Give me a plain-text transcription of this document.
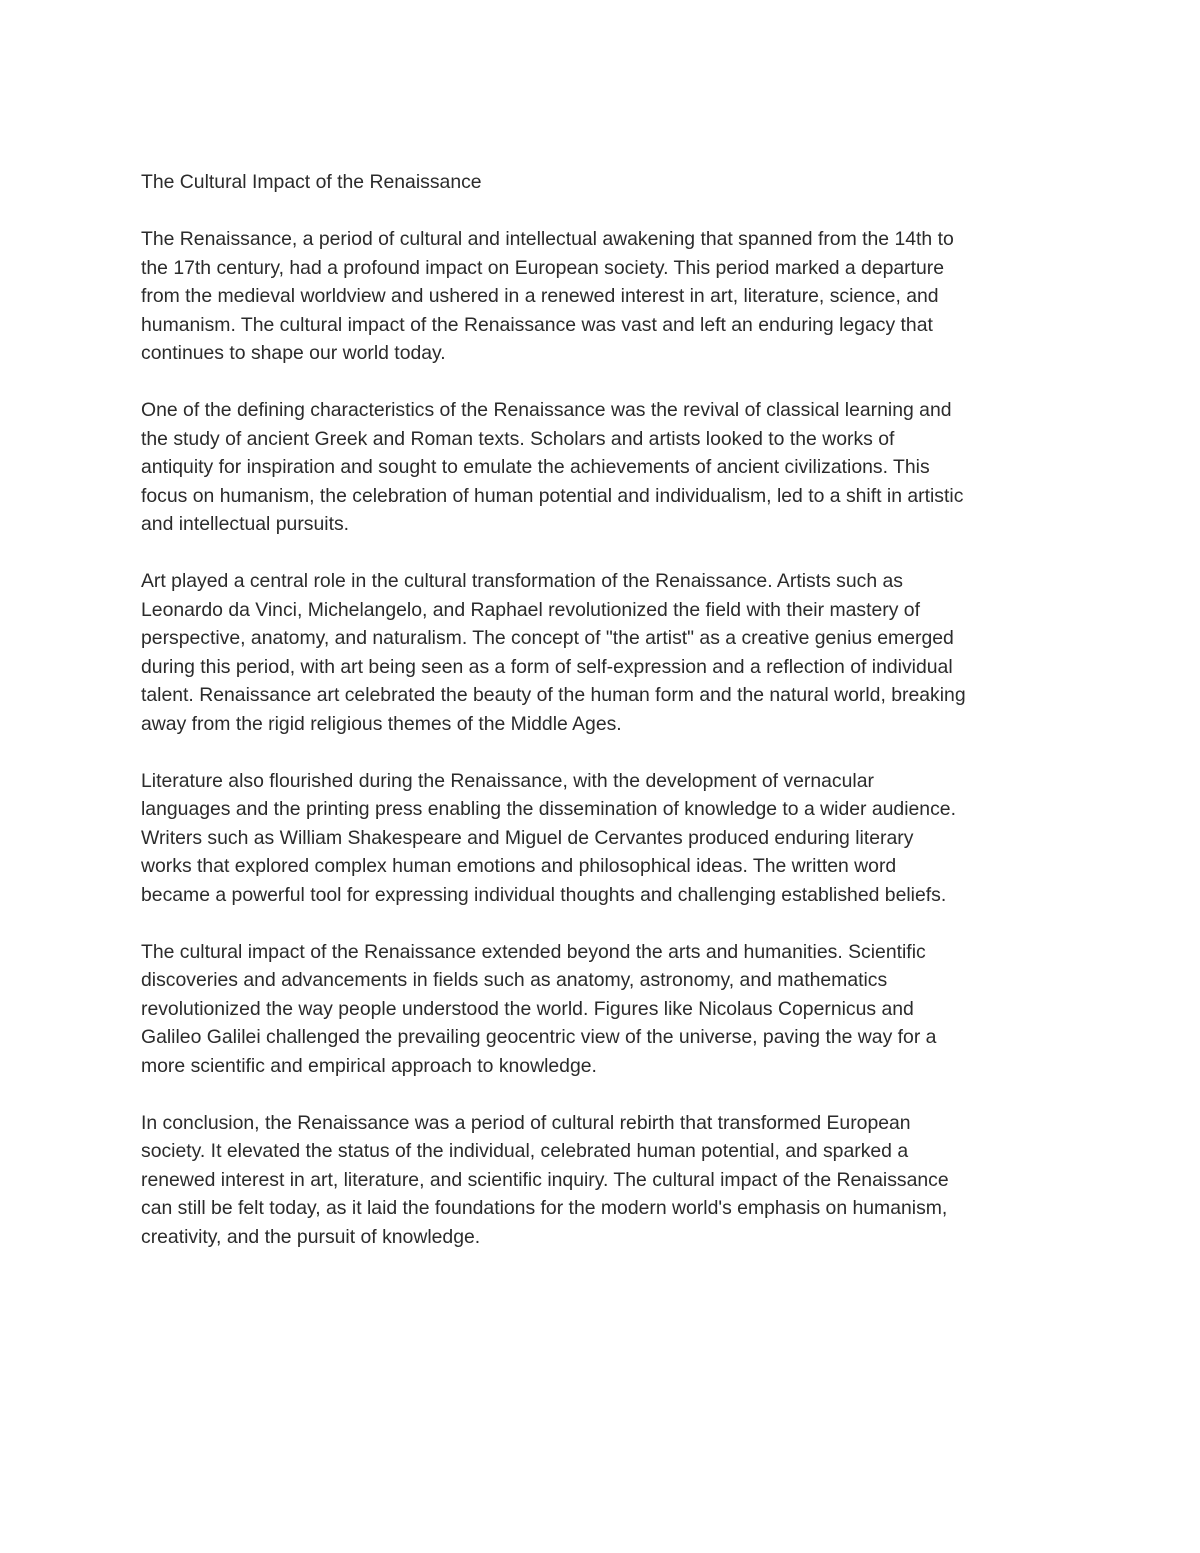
The Cultural Impact of the Renaissance

The Renaissance, a period of cultural and intellectual awakening that spanned from the 14th to
the 17th century, had a profound impact on European society. This period marked a departure
from the medieval worldview and ushered in a renewed interest in art, literature, science, and
humanism. The cultural impact of the Renaissance was vast and left an enduring legacy that
continues to shape our world today.

One of the defining characteristics of the Renaissance was the revival of classical learning and
the study of ancient Greek and Roman texts. Scholars and artists looked to the works of
antiquity for inspiration and sought to emulate the achievements of ancient civilizations. This
focus on humanism, the celebration of human potential and individualism, led to a shift in artistic
and intellectual pursuits.

Art played a central role in the cultural transformation of the Renaissance. Artists such as
Leonardo da Vinci, Michelangelo, and Raphael revolutionized the field with their mastery of
perspective, anatomy, and naturalism. The concept of "the artist" as a creative genius emerged
during this period, with art being seen as a form of self-expression and a reflection of individual
talent. Renaissance art celebrated the beauty of the human form and the natural world, breaking
away from the rigid religious themes of the Middle Ages.

Literature also flourished during the Renaissance, with the development of vernacular
languages and the printing press enabling the dissemination of knowledge to a wider audience.
Writers such as William Shakespeare and Miguel de Cervantes produced enduring literary
works that explored complex human emotions and philosophical ideas. The written word
became a powerful tool for expressing individual thoughts and challenging established beliefs.

The cultural impact of the Renaissance extended beyond the arts and humanities. Scientific
discoveries and advancements in fields such as anatomy, astronomy, and mathematics
revolutionized the way people understood the world. Figures like Nicolaus Copernicus and
Galileo Galilei challenged the prevailing geocentric view of the universe, paving the way for a
more scientific and empirical approach to knowledge.

In conclusion, the Renaissance was a period of cultural rebirth that transformed European
society. It elevated the status of the individual, celebrated human potential, and sparked a
renewed interest in art, literature, and scientific inquiry. The cultural impact of the Renaissance
can still be felt today, as it laid the foundations for the modern world's emphasis on humanism,
creativity, and the pursuit of knowledge.
